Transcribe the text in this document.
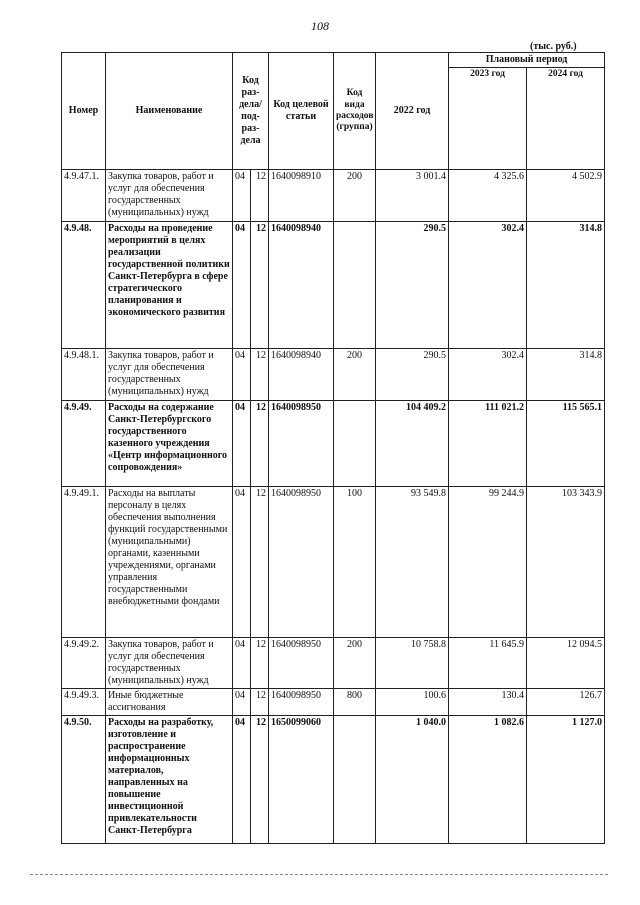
108
(тыс. руб.)
Номер	Наименование	Код раз-дела/ под-раз-дела		Код целевой статьи	Код вида расходов (группа)	2022 год	Плановый период	
							2023 год	2024 год
4.9.47.1.	Закупка товаров, работ и услуг для обеспечения государственных (муниципальных) нужд	04	12	1640098910	200	3 001.4	4 325.6	4 502.9
4.9.48.	Расходы на проведение мероприятий в целях реализации государственной политики Санкт-Петербурга в сфере стратегического планирования и экономического развития	04	12	1640098940		290.5	302.4	314.8
4.9.48.1.	Закупка товаров, работ и услуг для обеспечения государственных (муниципальных) нужд	04	12	1640098940	200	290.5	302.4	314.8
4.9.49.	Расходы на содержание Санкт-Петербургского государственного казенного учреждения «Центр информационного сопровождения»	04	12	1640098950		104 409.2	111 021.2	115 565.1
4.9.49.1.	Расходы на выплаты персоналу в целях обеспечения выполнения функций государственными (муниципальными) органами, казенными учреждениями, органами управления государственными внебюджетными фондами	04	12	1640098950	100	93 549.8	99 244.9	103 343.9
4.9.49.2.	Закупка товаров, работ и услуг для обеспечения государственных (муниципальных) нужд	04	12	1640098950	200	10 758.8	11 645.9	12 094.5
4.9.49.3.	Иные бюджетные ассигнования	04	12	1640098950	800	100.6	130.4	126.7
4.9.50.	Расходы на разработку, изготовление и распространение информационных материалов, направленных на повышение инвестиционной привлекательности Санкт-Петербурга	04	12	1650099060		1 040.0	1 082.6	1 127.0
